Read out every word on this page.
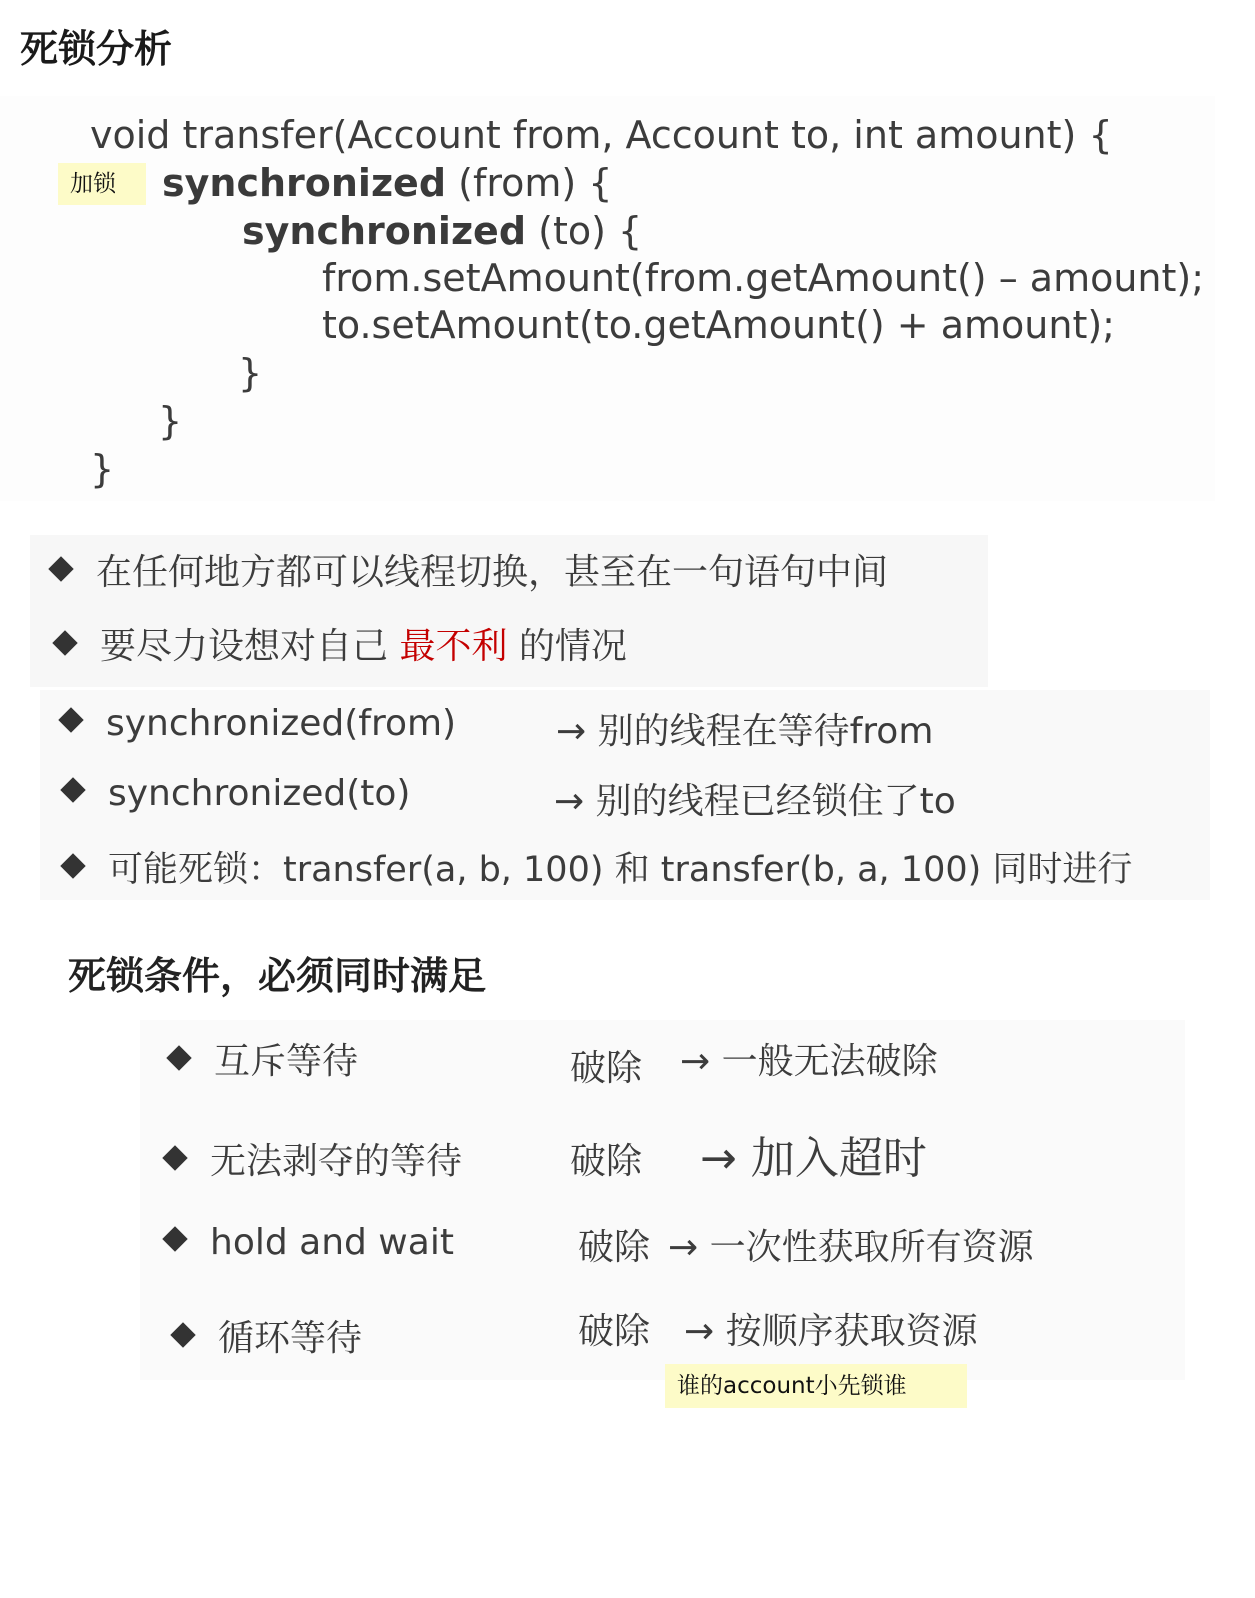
死锁分析
void transfer(Account from, Account to, int amount) {
synchronized (from) {
synchronized (to) {
from.setAmount(from.getAmount() – amount);
to.setAmount(to.getAmount() + amount);
}
}
}
加锁
在任何地方都可以线程切换，甚至在一句语句中间
要尽力设想对自己 最不利 的情况
synchronized(from)	→ 别的线程在等待from
synchronized(to)	→ 别的线程已经锁住了to
可能死锁：transfer(a, b, 100) 和 transfer(b, a, 100) 同时进行
死锁条件，必须同时满足
互斥等待	破除 → 一般无法破除
无法剥夺的等待	破除 → 加入超时
hold and wait	破除 → 一次性获取所有资源
循环等待	破除 → 按顺序获取资源
谁的account小先锁谁
